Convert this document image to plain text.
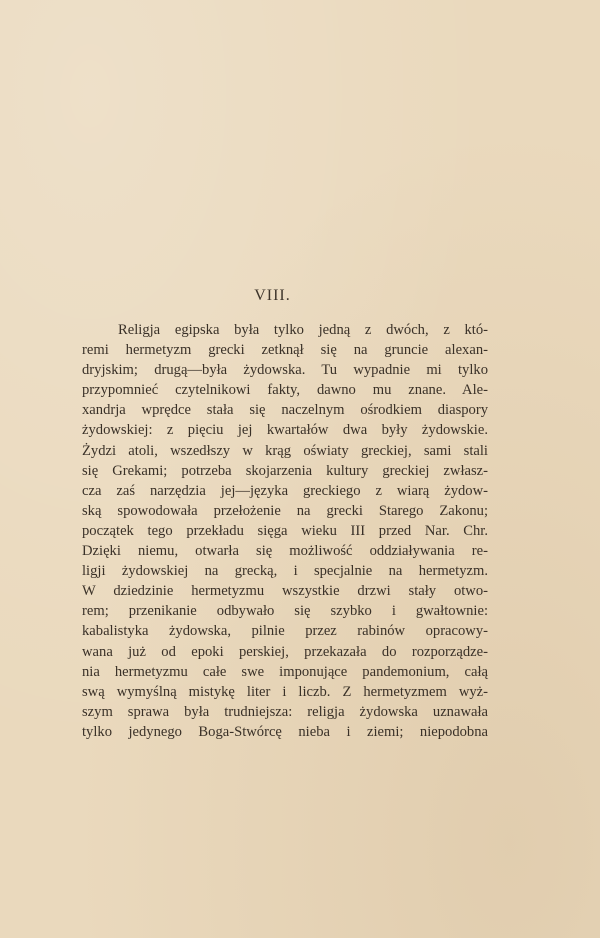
VIII.
Religja egipska była tylko jedną z dwóch, z któ-
remi hermetyzm grecki zetknął się na gruncie alexan-
dryjskim; drugą—była żydowska. Tu wypadnie mi tylko
przypomnieć czytelnikowi fakty, dawno mu znane. Ale-
xandrja wprędce stała się naczelnym ośrodkiem diaspory
żydowskiej: z pięciu jej kwartałów dwa były żydowskie.
Żydzi atoli, wszedłszy w krąg oświaty greckiej, sami stali
się Grekami; potrzeba skojarzenia kultury greckiej zwłasz-
cza zaś narzędzia jej—języka greckiego z wiarą żydow-
ską spowodowała przełożenie na grecki Starego Zakonu;
początek tego przekładu sięga wieku III przed Nar. Chr.
Dzięki niemu, otwarła się możliwość oddziaływania re-
ligji żydowskiej na grecką, i specjalnie na hermetyzm.
W dziedzinie hermetyzmu wszystkie drzwi stały otwo-
rem; przenikanie odbywało się szybko i gwałtownie:
kabalistyka żydowska, pilnie przez rabinów opracowy-
wana już od epoki perskiej, przekazała do rozporządze-
nia hermetyzmu całe swe imponujące pandemonium, całą
swą wymyślną mistykę liter i liczb. Z hermetyzmem wyż-
szym sprawa była trudniejsza: religja żydowska uznawała
tylko jedynego Boga-Stwórcę nieba i ziemi; niepodobna
